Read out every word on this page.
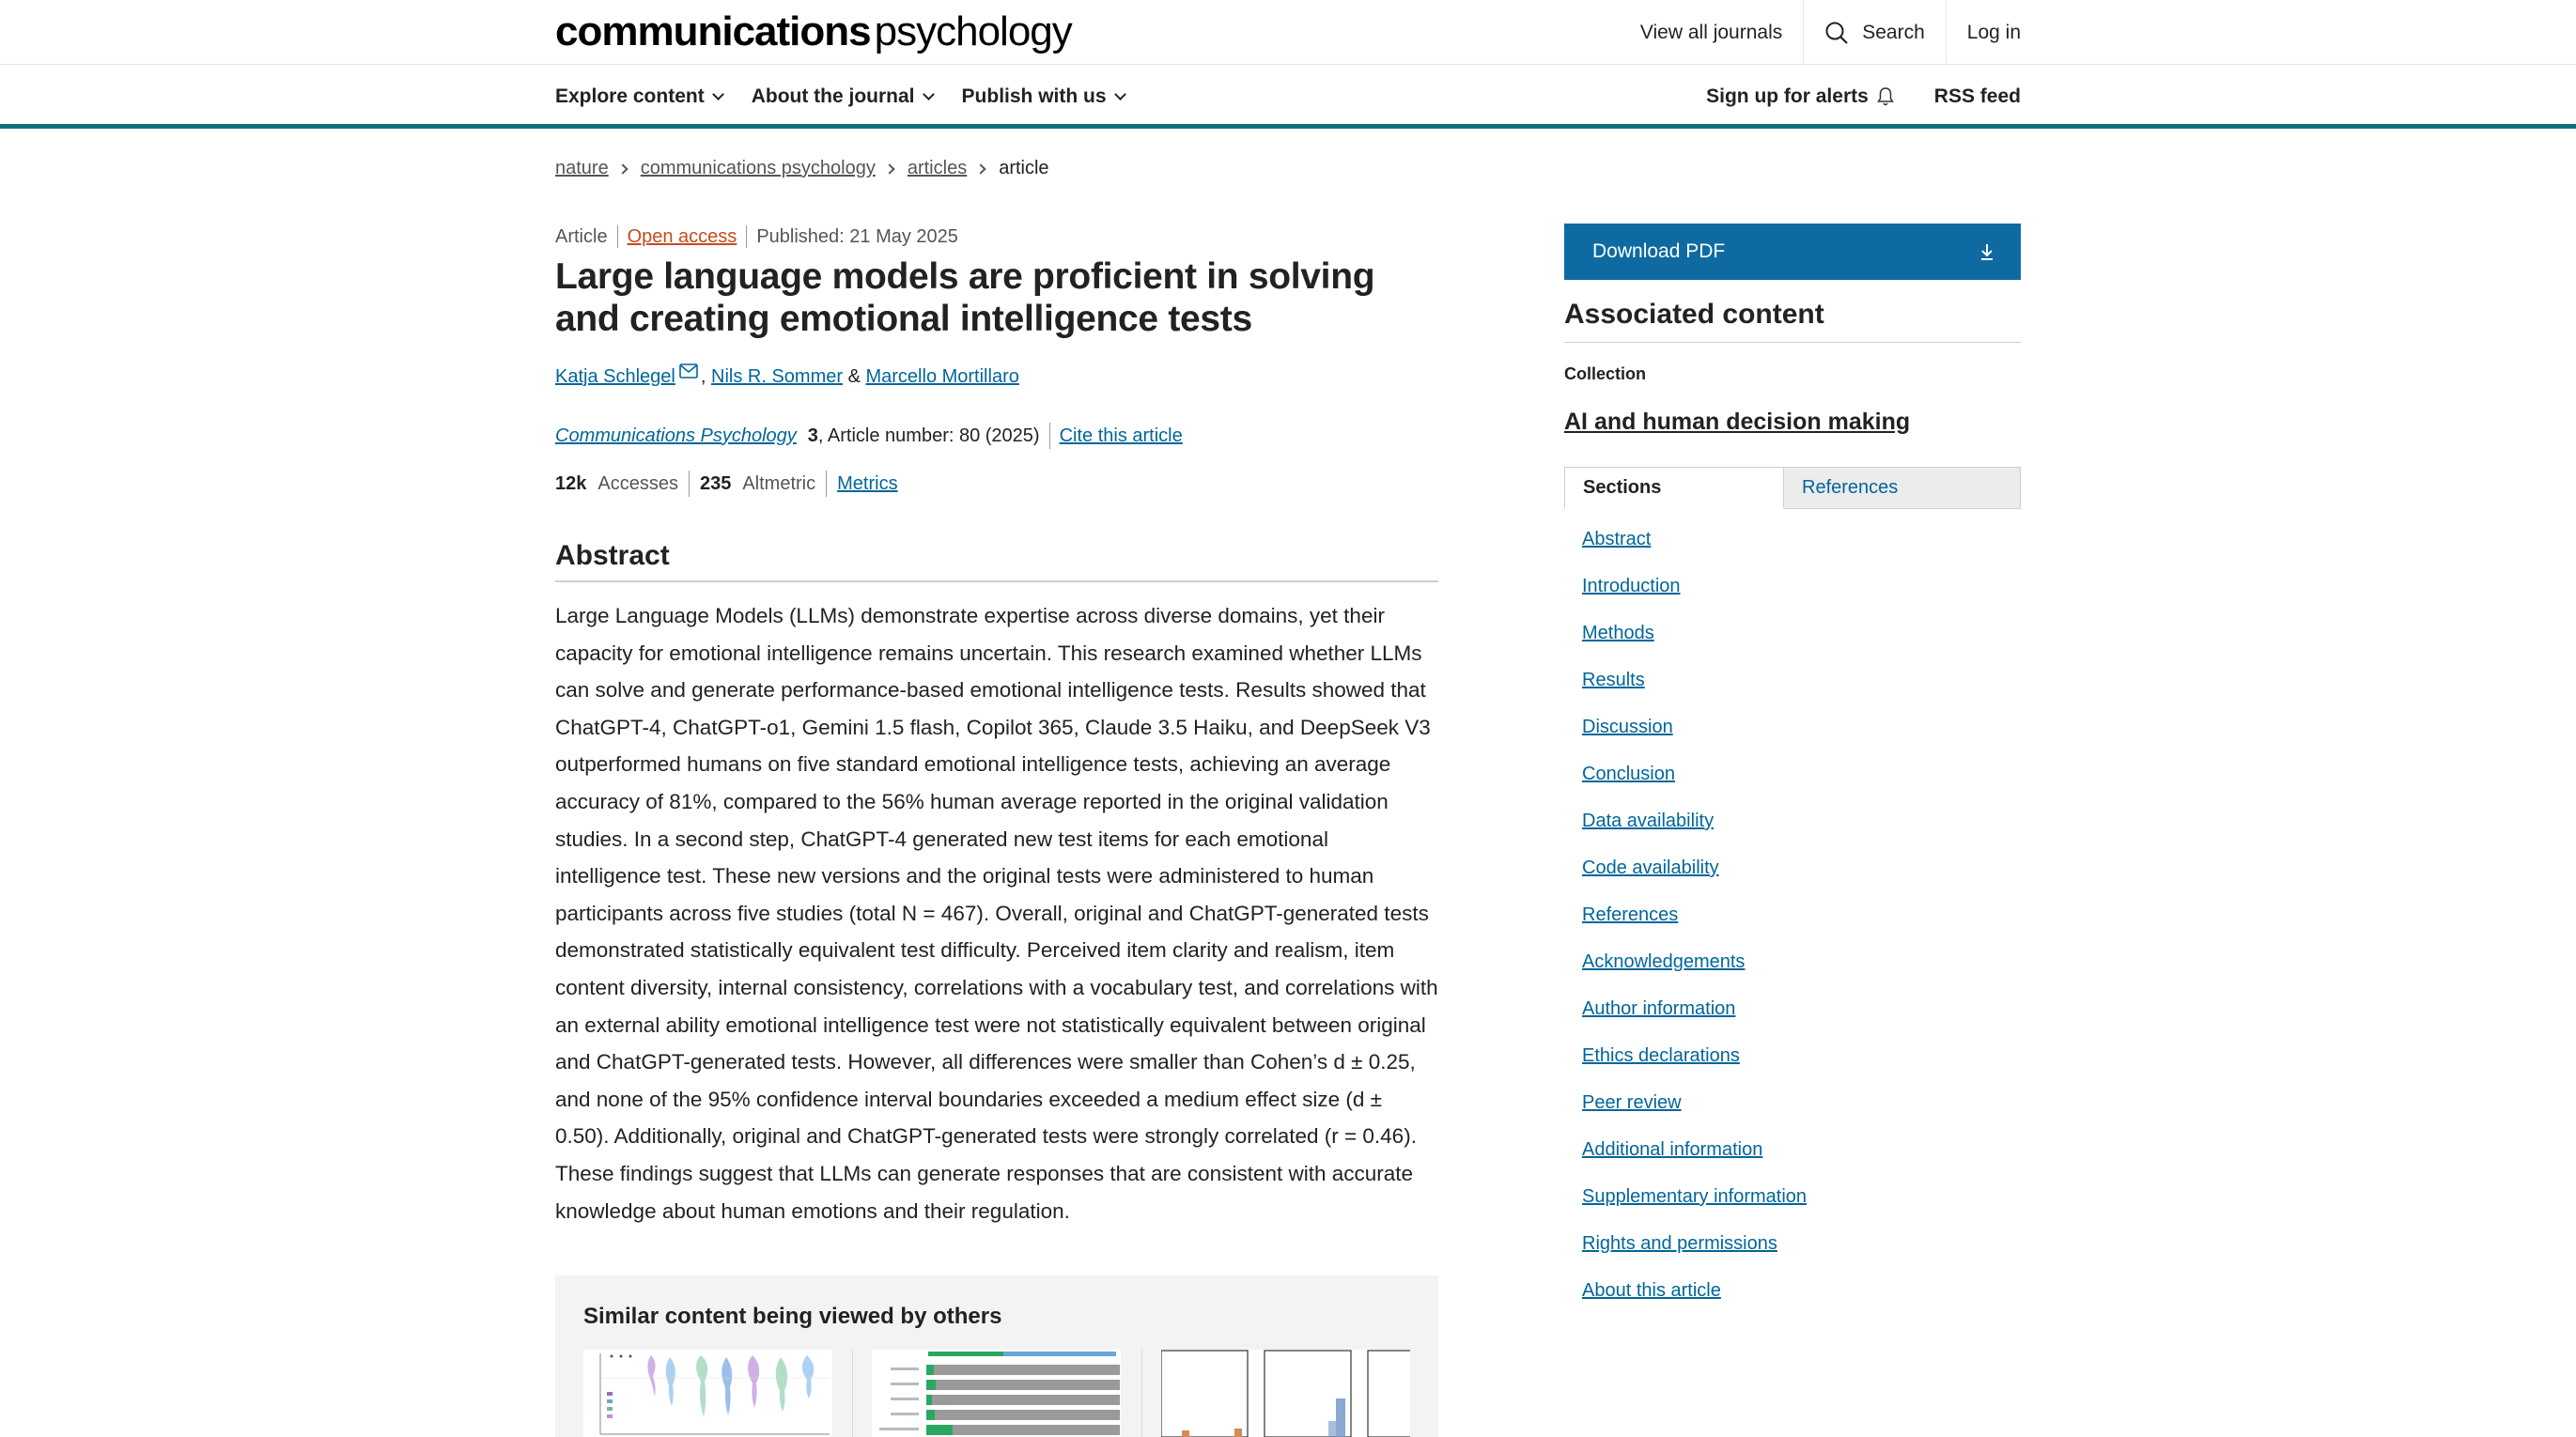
communicationspsychology	View all journals	Search	Log in
Explore content About the journal Publish with us	Sign up for alerts	RSS feed
nature communications psychology articles article
Article Open access Published: 21 May 2025
Large language models are proficient in solving and creating emotional intelligence tests
Katja Schlegel ,
Nils R. Sommer
&
Marcello Mortillaro
Communications Psychology 3 , Article number: 80 (2025) Cite this article
12k Accesses 235 Altmetric Metrics
Abstract

Large Language Models (LLMs) demonstrate expertise across diverse domains, yet their capacity for emotional intelligence remains uncertain. This research examined whether LLMs can solve and generate performance-based emotional intelligence tests. Results showed that ChatGPT-4, ChatGPT-o1, Gemini 1.5 flash, Copilot 365, Claude 3.5 Haiku, and DeepSeek V3 outperformed humans on five standard emotional intelligence tests, achieving an average accuracy of 81%, compared to the 56% human average reported in the original validation studies. In a second step, ChatGPT-4 generated new test items for each emotional intelligence test. These new versions and the original tests were administered to human participants across five studies (total N = 467). Overall, original and ChatGPT-generated tests demonstrated statistically equivalent test difficulty. Perceived item clarity and realism, item content diversity, internal consistency, correlations with a vocabulary test, and correlations with an external ability emotional intelligence test were not statistically equivalent between original and ChatGPT-generated tests. However, all differences were smaller than Cohen’s d ± 0.25, and none of the 95% confidence interval boundaries exceeded a medium effect size (d ± 0.50). Additionally, original and ChatGPT-generated tests were strongly correlated (r = 0.46). These findings suggest that LLMs can generate responses that are consistent with accurate knowledge about human emotions and their regulation.

Similar content being viewed by others
Download PDF
Associated content
Collection
AI and human decision making
Sections	References
Abstract
Introduction
Methods
Results
Discussion
Conclusion
Data availability
Code availability
References
Acknowledgements
Author information
Ethics declarations
Peer review
Additional information
Supplementary information
Rights and permissions
About this article
